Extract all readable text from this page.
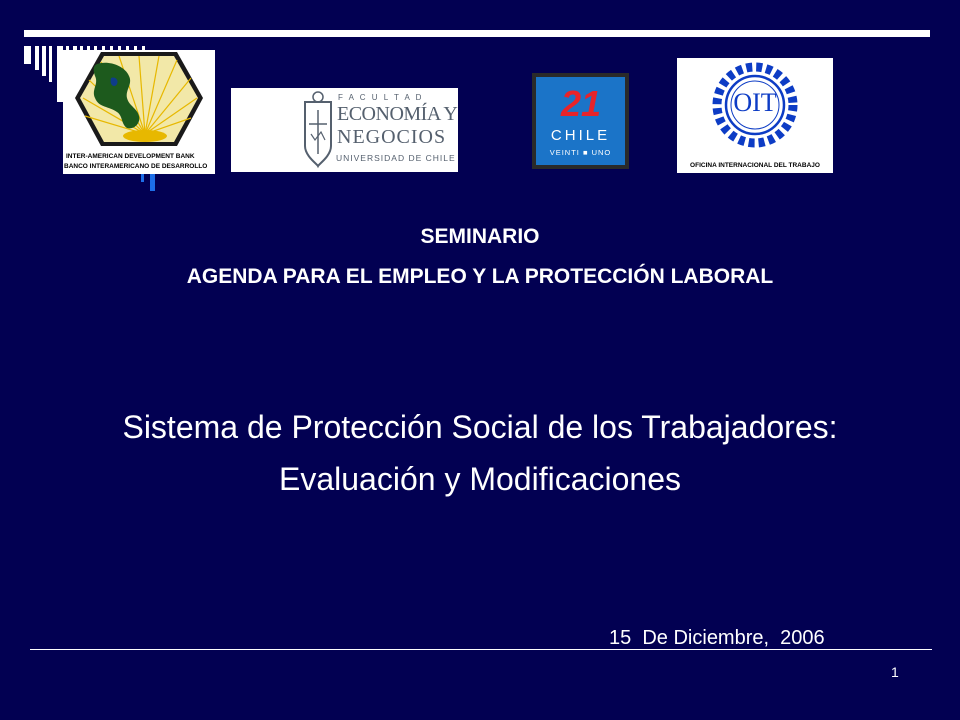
INTER-AMERICAN DEVELOPMENT BANK
BANCO INTERAMERICANO DE DESARROLLO
F A C U L T A D
ECONOMÍA Y
NEGOCIOS
UNIVERSIDAD DE CHILE
21
CHILE
VEINTI ■ UNO
OIT
OFICINA INTERNACIONAL DEL TRABAJO
SEMINARIO
AGENDA PARA EL EMPLEO Y LA PROTECCIÓN LABORAL
Sistema de Protección Social de los Trabajadores:
Evaluación y Modificaciones
15  De Diciembre,  2006
1
